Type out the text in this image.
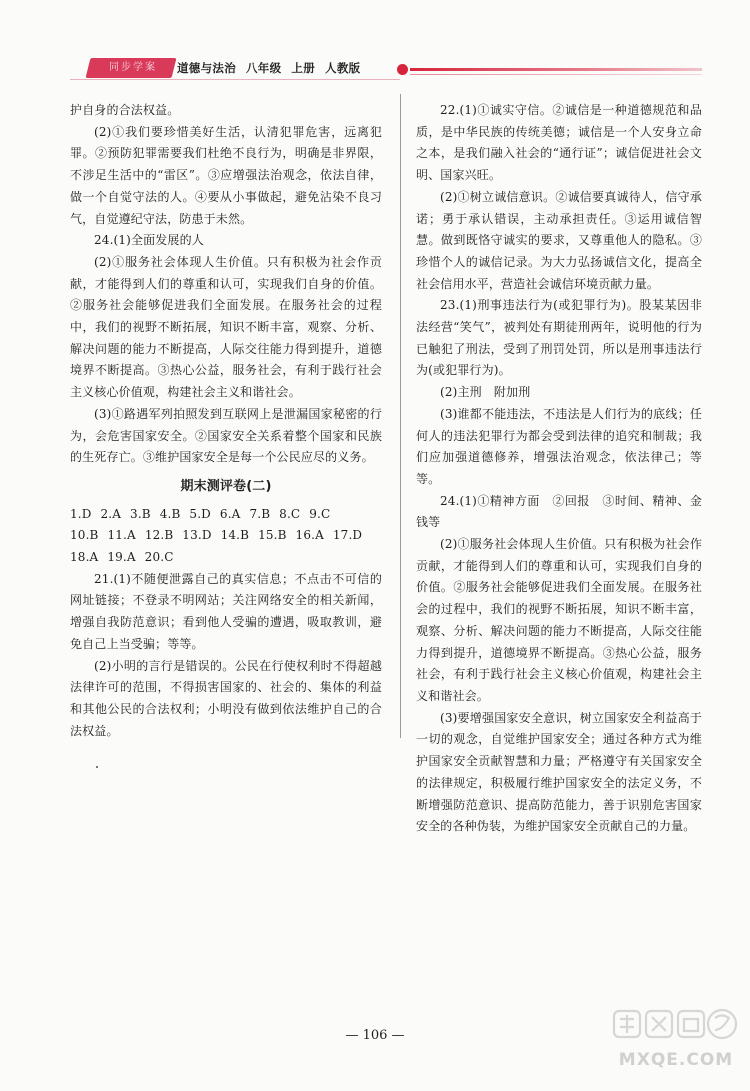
同步学案	道德与法治 八年级 上册 人教版

护自身的合法权益。

(2)①我们要珍惜美好生活，认清犯罪危害，远离犯罪。②预防犯罪需要我们杜绝不良行为，明确是非界限，不涉足生活中的“雷区”。③应增强法治观念，依法自律，做一个自觉守法的人。④要从小事做起，避免沾染不良习气，自觉遵纪守法，防患于未然。

24.(1)全面发展的人

(2)①服务社会体现人生价值。只有积极为社会作贡献，才能得到人们的尊重和认可，实现我们自身的价值。②服务社会能够促进我们全面发展。在服务社会的过程中，我们的视野不断拓展，知识不断丰富，观察、分析、解决问题的能力不断提高，人际交往能力得到提升，道德境界不断提高。③热心公益，服务社会，有利于践行社会主义核心价值观，构建社会主义和谐社会。

(3)①路遇军列拍照发到互联网上是泄漏国家秘密的行为，会危害国家安全。②国家安全关系着整个国家和民族的生死存亡。③维护国家安全是每一个公民应尽的义务。

期末测评卷(二)

1.D 2.A 3.B 4.B 5.D 6.A 7.B 8.C 9.C
10.B 11.A 12.B 13.D 14.B 15.B 16.A 17.D
18.A 19.A 20.C

21.(1)不随便泄露自己的真实信息；不点击不可信的网址链接；不登录不明网站；关注网络安全的相关新闻，增强自我防范意识；看到他人受骗的遭遇，吸取教训，避免自己上当受骗；等等。

(2)小明的言行是错误的。公民在行使权利时不得超越法律许可的范围，不得损害国家的、社会的、集体的利益和其他公民的合法权利；小明没有做到依法维护自己的合法权益。

22.(1)①诚实守信。②诚信是一种道德规范和品质，是中华民族的传统美德；诚信是一个人安身立命之本，是我们融入社会的“通行证”；诚信促进社会文明、国家兴旺。

(2)①树立诚信意识。②诚信要真诚待人，信守承诺；勇于承认错误，主动承担责任。③运用诚信智慧。做到既恪守诚实的要求，又尊重他人的隐私。③珍惜个人的诚信记录。为大力弘扬诚信文化，提高全社会信用水平，营造社会诚信环境贡献力量。

23.(1)刑事违法行为(或犯罪行为)。股某某因非法经营“笑气”，被判处有期徒刑两年，说明他的行为已触犯了刑法，受到了刑罚处罚，所以是刑事违法行为(或犯罪行为)。

(2)主刑　附加刑

(3)谁都不能违法，不违法是人们行为的底线；任何人的违法犯罪行为都会受到法律的追究和制裁；我们应加强道德修养，增强法治观念，依法律己；等等。

24.(1)①精神方面　②回报　③时间、精神、金钱等

(2)①服务社会体现人生价值。只有积极为社会作贡献，才能得到人们的尊重和认可，实现我们自身的价值。②服务社会能够促进我们全面发展。在服务社会的过程中，我们的视野不断拓展，知识不断丰富，观察、分析、解决问题的能力不断提高，人际交往能力得到提升，道德境界不断提高。③热心公益，服务社会，有利于践行社会主义核心价值观，构建社会主义和谐社会。

(3)要增强国家安全意识，树立国家安全利益高于一切的观念，自觉维护国家安全；通过各种方式为维护国家安全贡献智慧和力量；严格遵守有关国家安全的法律规定，积极履行维护国家安全的法定义务，不断增强防范意识、提高防范能力，善于识别危害国家安全的各种伪装，为维护国家安全贡献自己的力量。

— 106 —
MXQE.COM
